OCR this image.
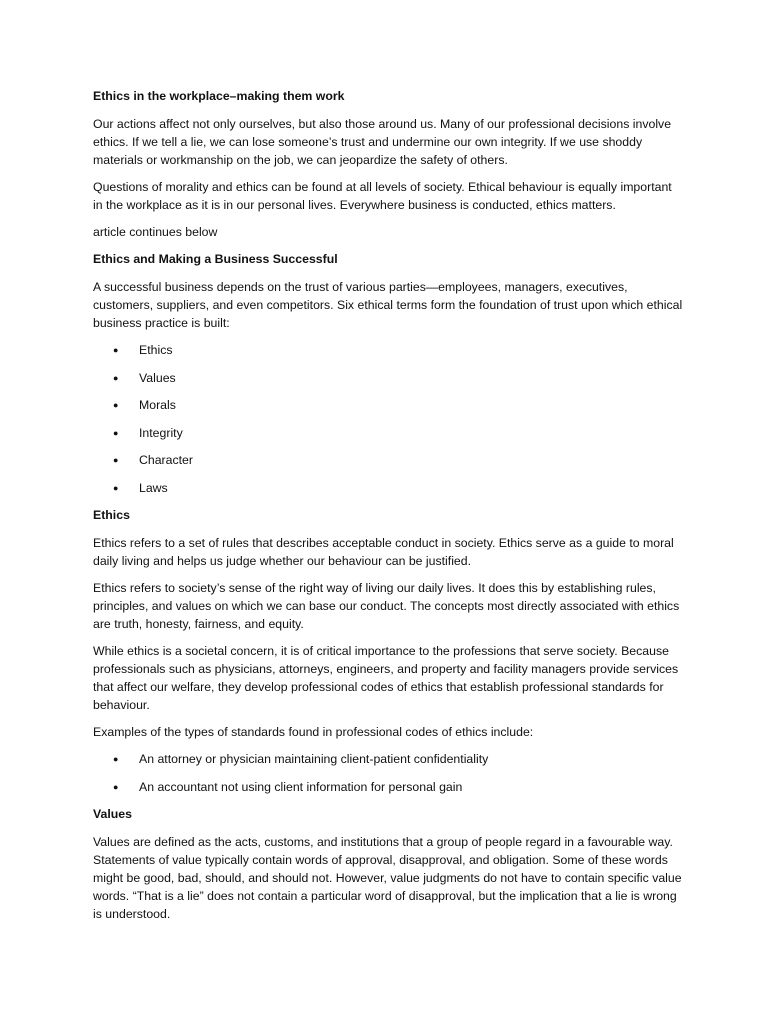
Ethics in the workplace–making them work

Our actions affect not only ourselves, but also those around us. Many of our professional decisions involve ethics. If we tell a lie, we can lose someone’s trust and undermine our own integrity. If we use shoddy materials or workmanship on the job, we can jeopardize the safety of others.

Questions of morality and ethics can be found at all levels of society. Ethical behaviour is equally important in the workplace as it is in our personal lives. Everywhere business is conducted, ethics matters.

article continues below

Ethics and Making a Business Successful

A successful business depends on the trust of various parties—employees, managers, executives, customers, suppliers, and even competitors. Six ethical terms form the foundation of trust upon which ethical business practice is built:

● Ethics
● Values
● Morals
● Integrity
● Character
● Laws

Ethics

Ethics refers to a set of rules that describes acceptable conduct in society. Ethics serve as a guide to moral daily living and helps us judge whether our behaviour can be justified.

Ethics refers to society’s sense of the right way of living our daily lives. It does this by establishing rules, principles, and values on which we can base our conduct. The concepts most directly associated with ethics are truth, honesty, fairness, and equity.

While ethics is a societal concern, it is of critical importance to the professions that serve society. Because professionals such as physicians, attorneys, engineers, and property and facility managers provide services that affect our welfare, they develop professional codes of ethics that establish professional standards for behaviour.

Examples of the types of standards found in professional codes of ethics include:

● An attorney or physician maintaining client-patient confidentiality
● An accountant not using client information for personal gain

Values

Values are defined as the acts, customs, and institutions that a group of people regard in a favourable way. Statements of value typically contain words of approval, disapproval, and obligation. Some of these words might be good, bad, should, and should not. However, value judgments do not have to contain specific value words. “That is a lie” does not contain a particular word of disapproval, but the implication that a lie is wrong is understood.
